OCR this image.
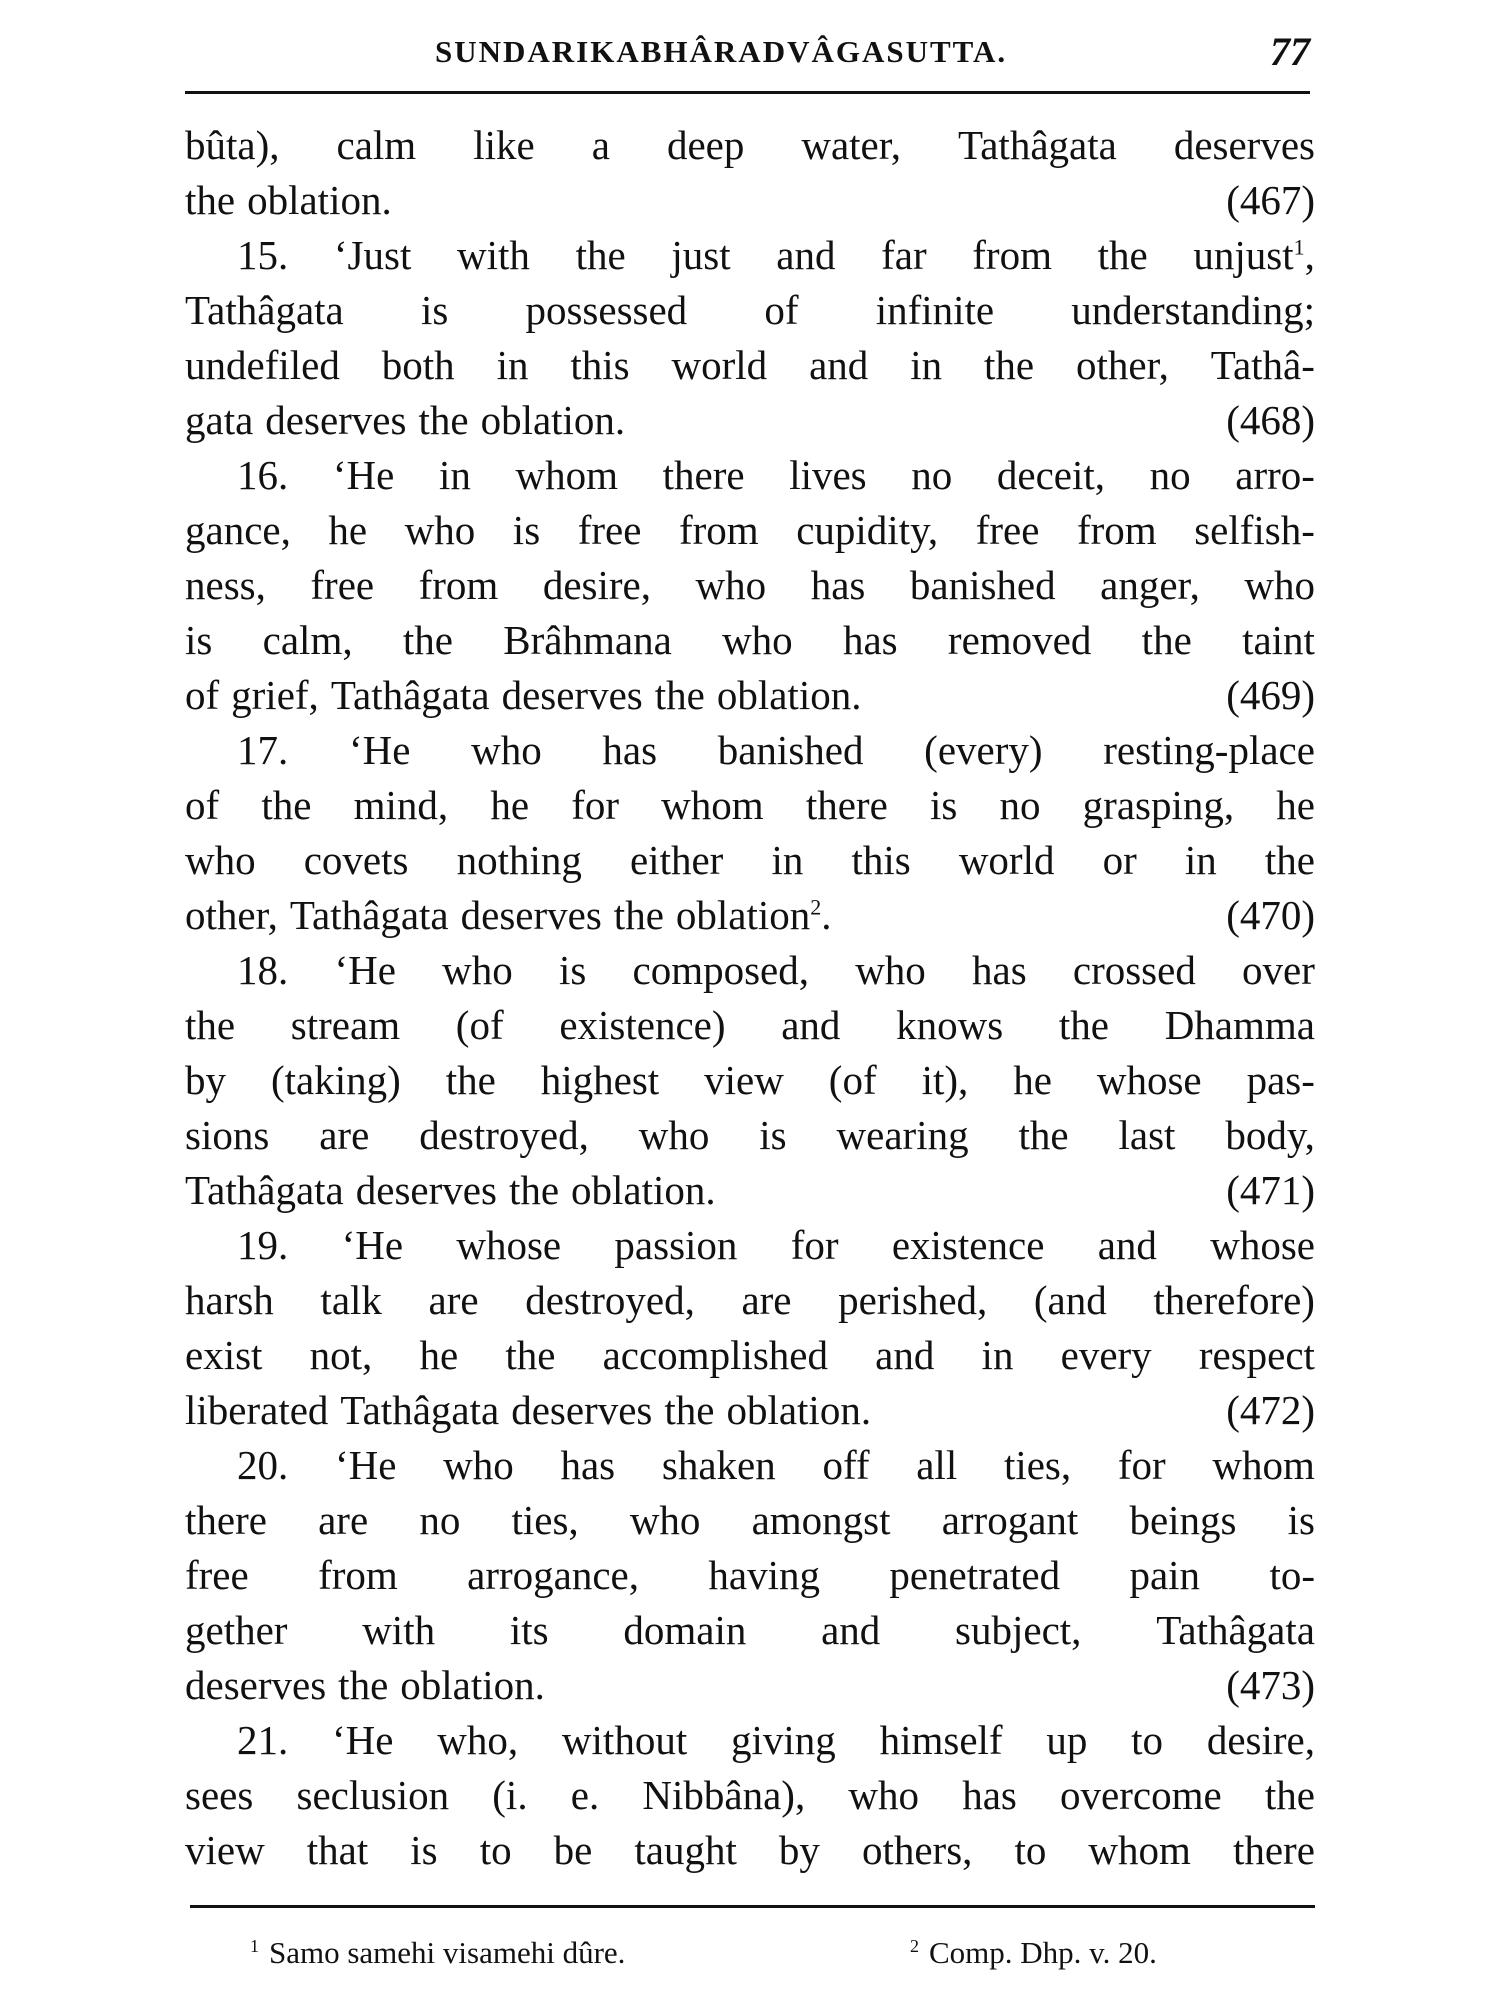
SUNDARIKABHÂRADVÂGASUTTA.	77
bûta), calm like a deep water, Tathâgata deserves
the oblation.	(467)
15. ‘Just with the just and far from the unjust$^1$,
Tathâgata is possessed of infinite understanding;
undefiled both in this world and in the other, Tathâ-
gata deserves the oblation.	(468)
16. ‘He in whom there lives no deceit, no arro-
gance, he who is free from cupidity, free from selfish-
ness, free from desire, who has banished anger, who
is calm, the Brâhmana who has removed the taint
of grief, Tathâgata deserves the oblation.	(469)
17. ‘He who has banished (every) resting-place
of the mind, he for whom there is no grasping, he
who covets nothing either in this world or in the
other, Tathâgata deserves the oblation$^2$.	(470)
18. ‘He who is composed, who has crossed over
the stream (of existence) and knows the Dhamma
by (taking) the highest view (of it), he whose pas-
sions are destroyed, who is wearing the last body,
Tathâgata deserves the oblation.	(471)
19. ‘He whose passion for existence and whose
harsh talk are destroyed, are perished, (and therefore)
exist not, he the accomplished and in every respect
liberated Tathâgata deserves the oblation.	(472)
20. ‘He who has shaken off all ties, for whom
there are no ties, who amongst arrogant beings is
free from arrogance, having penetrated pain to-
gether with its domain and subject, Tathâgata
deserves the oblation.	(473)
21. ‘He who, without giving himself up to desire,
sees seclusion (i. e. Nibbâna), who has overcome the
view that is to be taught by others, to whom there
$^1$ Samo samehi visamehi dûre.	$^2$ Comp. Dhp. v. 20.
